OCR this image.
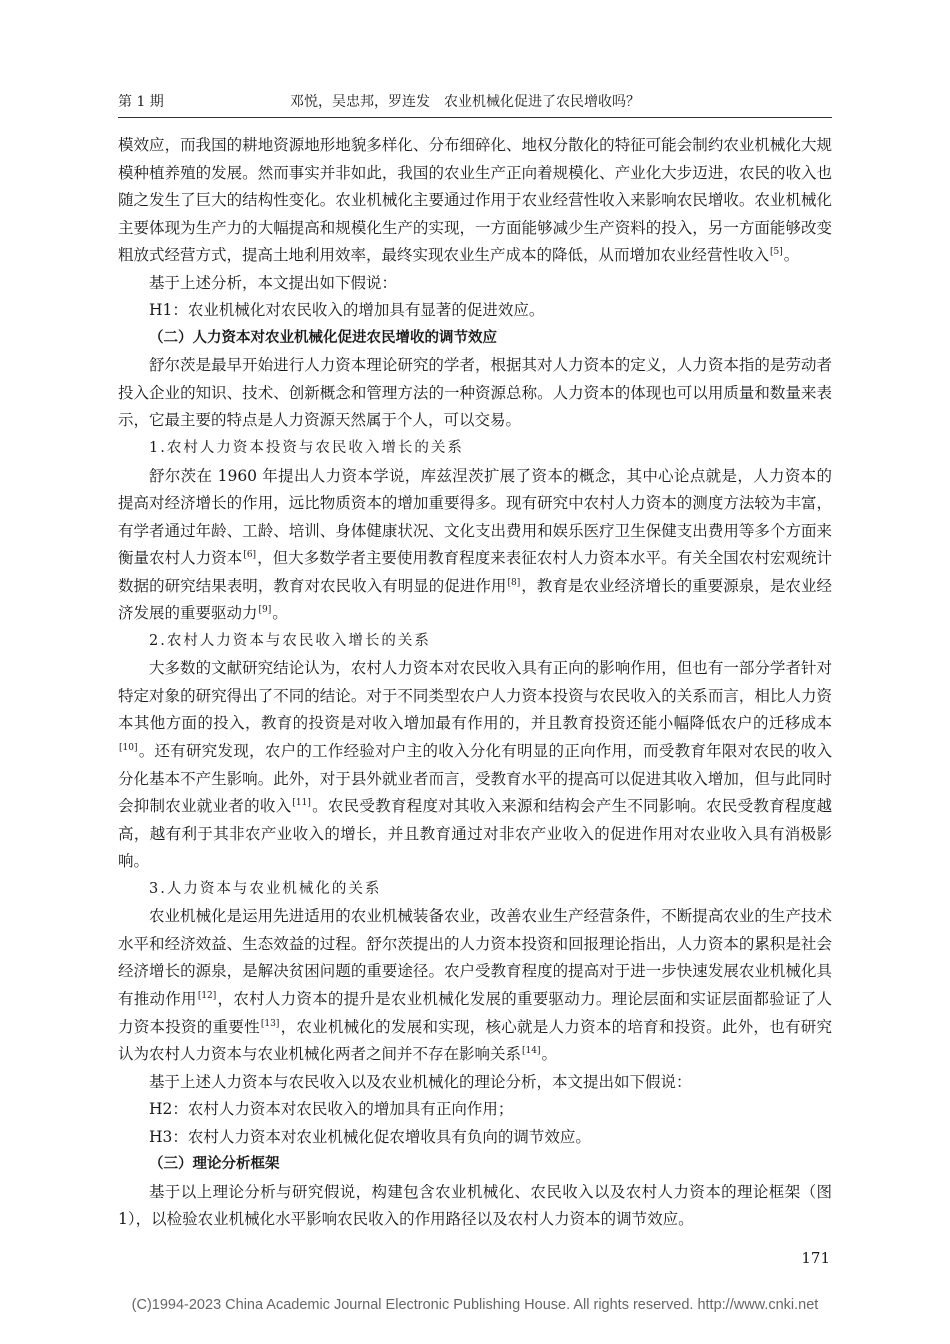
第 1 期	邓悦，吴忠邦，罗连发　农业机械化促进了农民增收吗？

模效应，而我国的耕地资源地形地貌多样化、分布细碎化、地权分散化的特征可能会制约农业机械化大规模种植养殖的发展。然而事实并非如此，我国的农业生产正向着规模化、产业化大步迈进，农民的收入也随之发生了巨大的结构性变化。农业机械化主要通过作用于农业经营性收入来影响农民增收。农业机械化主要体现为生产力的大幅提高和规模化生产的实现，一方面能够减少生产资料的投入，另一方面能够改变粗放式经营方式，提高土地利用效率，最终实现农业生产成本的降低，从而增加农业经营性收入[5]。

基于上述分析，本文提出如下假说：

H1：农业机械化对农民收入的增加具有显著的促进效应。

（二）人力资本对农业机械化促进农民增收的调节效应

舒尔茨是最早开始进行人力资本理论研究的学者，根据其对人力资本的定义，人力资本指的是劳动者投入企业的知识、技术、创新概念和管理方法的一种资源总称。人力资本的体现也可以用质量和数量来表示，它最主要的特点是人力资源天然属于个人，可以交易。

1.农村人力资本投资与农民收入增长的关系

舒尔茨在 1960 年提出人力资本学说，库兹涅茨扩展了资本的概念，其中心论点就是，人力资本的提高对经济增长的作用，远比物质资本的增加重要得多。现有研究中农村人力资本的测度方法较为丰富，有学者通过年龄、工龄、培训、身体健康状况、文化支出费用和娱乐医疗卫生保健支出费用等多个方面来衡量农村人力资本[6]，但大多数学者主要使用教育程度来表征农村人力资本水平。有关全国农村宏观统计数据的研究结果表明，教育对农民收入有明显的促进作用[8]，教育是农业经济增长的重要源泉，是农业经济发展的重要驱动力[9]。

2.农村人力资本与农民收入增长的关系

大多数的文献研究结论认为，农村人力资本对农民收入具有正向的影响作用，但也有一部分学者针对特定对象的研究得出了不同的结论。对于不同类型农户人力资本投资与农民收入的关系而言，相比人力资本其他方面的投入，教育的投资是对收入增加最有作用的，并且教育投资还能小幅降低农户的迁移成本[10]。还有研究发现，农户的工作经验对户主的收入分化有明显的正向作用，而受教育年限对农民的收入分化基本不产生影响。此外，对于县外就业者而言，受教育水平的提高可以促进其收入增加，但与此同时会抑制农业就业者的收入[11]。农民受教育程度对其收入来源和结构会产生不同影响。农民受教育程度越高，越有利于其非农产业收入的增长，并且教育通过对非农产业收入的促进作用对农业收入具有消极影响。

3.人力资本与农业机械化的关系

农业机械化是运用先进适用的农业机械装备农业，改善农业生产经营条件，不断提高农业的生产技术水平和经济效益、生态效益的过程。舒尔茨提出的人力资本投资和回报理论指出，人力资本的累积是社会经济增长的源泉，是解决贫困问题的重要途径。农户受教育程度的提高对于进一步快速发展农业机械化具有推动作用[12]，农村人力资本的提升是农业机械化发展的重要驱动力。理论层面和实证层面都验证了人力资本投资的重要性[13]，农业机械化的发展和实现，核心就是人力资本的培育和投资。此外，也有研究认为农村人力资本与农业机械化两者之间并不存在影响关系[14]。

基于上述人力资本与农民收入以及农业机械化的理论分析，本文提出如下假说：

H2：农村人力资本对农民收入的增加具有正向作用；

H3：农村人力资本对农业机械化促农增收具有负向的调节效应。

（三）理论分析框架

基于以上理论分析与研究假说，构建包含农业机械化、农民收入以及农村人力资本的理论框架（图 1），以检验农业机械化水平影响农民收入的作用路径以及农村人力资本的调节效应。

171
(C)1994-2023 China Academic Journal Electronic Publishing House. All rights reserved. http://www.cnki.net
